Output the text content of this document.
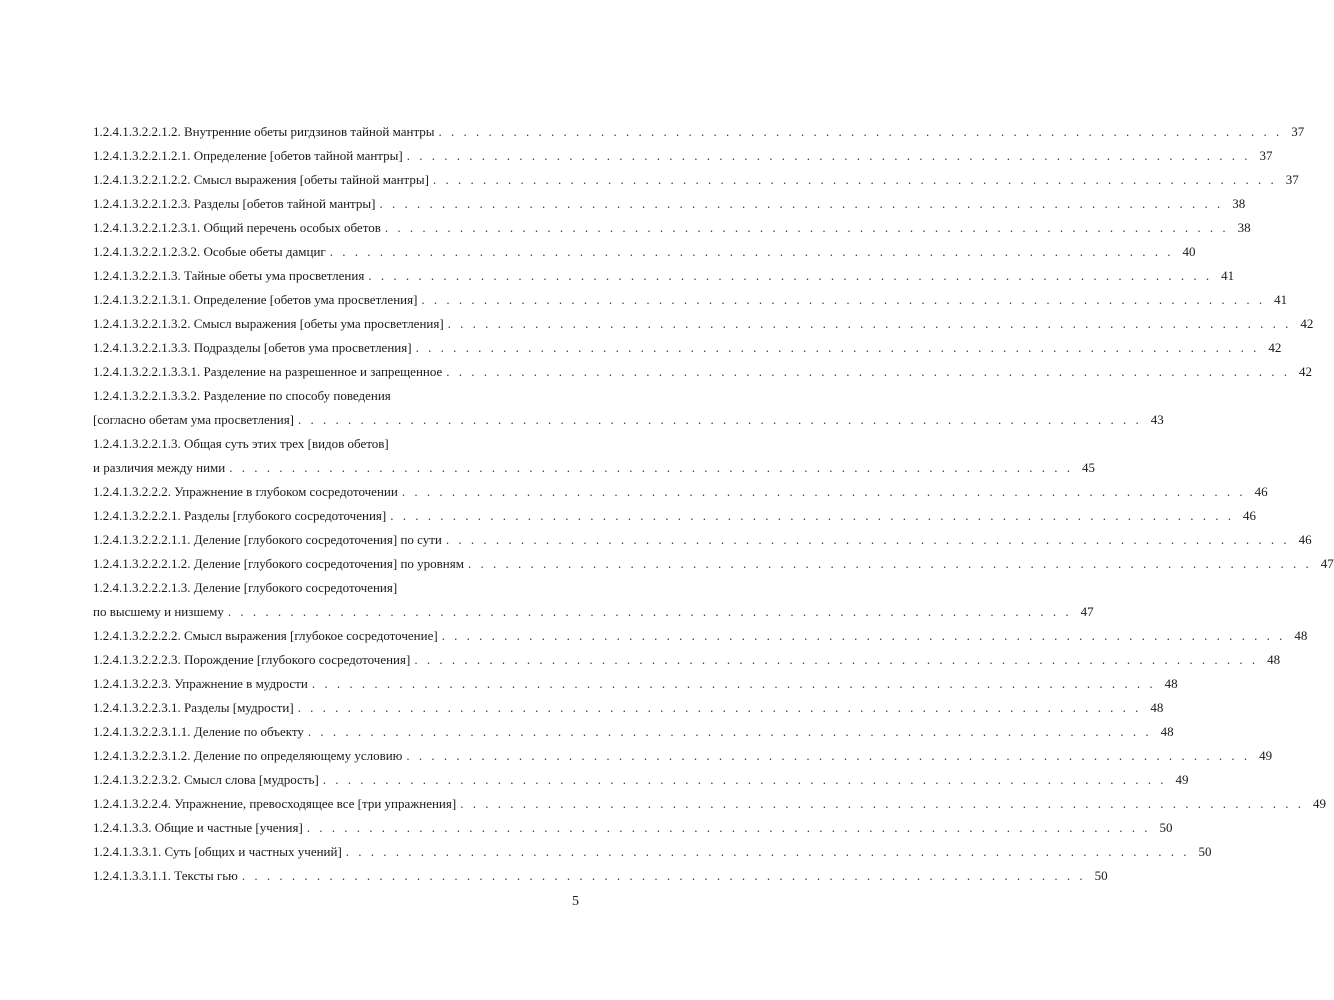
1.2.4.1.3.2.2.1.2. Внутренние обеты ригдзинов тайной мантры . . . . . . . . . . . . . . . . . . . . . . . . . . . . . . . . . . . . . . . . . . . . . . . . . . . . . . . . . . . . . . . . . . . . 37
1.2.4.1.3.2.2.1.2.1. Определение [обетов тайной мантры] . . . . . . . . . . . . . . . . . . . . . . . . . . . . . . . . . . . . . . . . . . . . . . . . . . . . . . . . . . . . . . . . . . . . 37
1.2.4.1.3.2.2.1.2.2. Смысл выражения [обеты тайной мантры] . . . . . . . . . . . . . . . . . . . . . . . . . . . . . . . . . . . . . . . . . . . . . . . . . . . . . . . . . . . . . . . . . . . . 37
1.2.4.1.3.2.2.1.2.3. Разделы [обетов тайной мантры] . . . . . . . . . . . . . . . . . . . . . . . . . . . . . . . . . . . . . . . . . . . . . . . . . . . . . . . . . . . . . . . . . . . . 38
1.2.4.1.3.2.2.1.2.3.1. Общий перечень особых обетов . . . . . . . . . . . . . . . . . . . . . . . . . . . . . . . . . . . . . . . . . . . . . . . . . . . . . . . . . . . . . . . . . . . . 38
1.2.4.1.3.2.2.1.2.3.2. Особые обеты дамциг . . . . . . . . . . . . . . . . . . . . . . . . . . . . . . . . . . . . . . . . . . . . . . . . . . . . . . . . . . . . . . . . . . . . 40
1.2.4.1.3.2.2.1.3. Тайные обеты ума просветления . . . . . . . . . . . . . . . . . . . . . . . . . . . . . . . . . . . . . . . . . . . . . . . . . . . . . . . . . . . . . . . . . . . . 41
1.2.4.1.3.2.2.1.3.1. Определение [обетов ума просветления] . . . . . . . . . . . . . . . . . . . . . . . . . . . . . . . . . . . . . . . . . . . . . . . . . . . . . . . . . . . . . . . . . . . . 41
1.2.4.1.3.2.2.1.3.2. Смысл выражения [обеты ума просветления] . . . . . . . . . . . . . . . . . . . . . . . . . . . . . . . . . . . . . . . . . . . . . . . . . . . . . . . . . . . . . . . . . . . . 42
1.2.4.1.3.2.2.1.3.3. Подразделы [обетов ума просветления] . . . . . . . . . . . . . . . . . . . . . . . . . . . . . . . . . . . . . . . . . . . . . . . . . . . . . . . . . . . . . . . . . . . . 42
1.2.4.1.3.2.2.1.3.3.1. Разделение на разрешенное и запрещенное . . . . . . . . . . . . . . . . . . . . . . . . . . . . . . . . . . . . . . . . . . . . . . . . . . . . . . . . . . . . . . . . . . . . 42
1.2.4.1.3.2.2.1.3.3.2. Разделение по способу поведения
[согласно обетам ума просветления] . . . . . . . . . . . . . . . . . . . . . . . . . . . . . . . . . . . . . . . . . . . . . . . . . . . . . . . . . . . . . . . . . . . . 43
1.2.4.1.3.2.2.1.3. Общая суть этих трех [видов обетов]
и различия между ними . . . . . . . . . . . . . . . . . . . . . . . . . . . . . . . . . . . . . . . . . . . . . . . . . . . . . . . . . . . . . . . . . . . . 45
1.2.4.1.3.2.2.2. Упражнение в глубоком сосредоточении . . . . . . . . . . . . . . . . . . . . . . . . . . . . . . . . . . . . . . . . . . . . . . . . . . . . . . . . . . . . . . . . . . . . 46
1.2.4.1.3.2.2.2.1. Разделы [глубокого сосредоточения] . . . . . . . . . . . . . . . . . . . . . . . . . . . . . . . . . . . . . . . . . . . . . . . . . . . . . . . . . . . . . . . . . . . . 46
1.2.4.1.3.2.2.2.1.1. Деление [глубокого сосредоточения] по сути . . . . . . . . . . . . . . . . . . . . . . . . . . . . . . . . . . . . . . . . . . . . . . . . . . . . . . . . . . . . . . . . . . . . 46
1.2.4.1.3.2.2.2.1.2. Деление [глубокого сосредоточения] по уровням . . . . . . . . . . . . . . . . . . . . . . . . . . . . . . . . . . . . . . . . . . . . . . . . . . . . . . . . . . . . . . . . . . . . 47
1.2.4.1.3.2.2.2.1.3. Деление [глубокого сосредоточения]
по высшему и низшему . . . . . . . . . . . . . . . . . . . . . . . . . . . . . . . . . . . . . . . . . . . . . . . . . . . . . . . . . . . . . . . . . . . . 47
1.2.4.1.3.2.2.2.2. Смысл выражения [глубокое сосредоточение] . . . . . . . . . . . . . . . . . . . . . . . . . . . . . . . . . . . . . . . . . . . . . . . . . . . . . . . . . . . . . . . . . . . . 48
1.2.4.1.3.2.2.2.3. Порождение [глубокого сосредоточения] . . . . . . . . . . . . . . . . . . . . . . . . . . . . . . . . . . . . . . . . . . . . . . . . . . . . . . . . . . . . . . . . . . . . 48
1.2.4.1.3.2.2.3. Упражнение в мудрости . . . . . . . . . . . . . . . . . . . . . . . . . . . . . . . . . . . . . . . . . . . . . . . . . . . . . . . . . . . . . . . . . . . . 48
1.2.4.1.3.2.2.3.1. Разделы [мудрости] . . . . . . . . . . . . . . . . . . . . . . . . . . . . . . . . . . . . . . . . . . . . . . . . . . . . . . . . . . . . . . . . . . . . 48
1.2.4.1.3.2.2.3.1.1. Деление по объекту . . . . . . . . . . . . . . . . . . . . . . . . . . . . . . . . . . . . . . . . . . . . . . . . . . . . . . . . . . . . . . . . . . . . 48
1.2.4.1.3.2.2.3.1.2. Деление по определяющему условию . . . . . . . . . . . . . . . . . . . . . . . . . . . . . . . . . . . . . . . . . . . . . . . . . . . . . . . . . . . . . . . . . . . . 49
1.2.4.1.3.2.2.3.2. Смысл слова [мудрость] . . . . . . . . . . . . . . . . . . . . . . . . . . . . . . . . . . . . . . . . . . . . . . . . . . . . . . . . . . . . . . . . . . . . 49
1.2.4.1.3.2.2.4. Упражнение, превосходящее все [три упражнения] . . . . . . . . . . . . . . . . . . . . . . . . . . . . . . . . . . . . . . . . . . . . . . . . . . . . . . . . . . . . . . . . . . . . 49
1.2.4.1.3.3. Общие и частные [учения] . . . . . . . . . . . . . . . . . . . . . . . . . . . . . . . . . . . . . . . . . . . . . . . . . . . . . . . . . . . . . . . . . . . . 50
1.2.4.1.3.3.1. Суть [общих и частных учений] . . . . . . . . . . . . . . . . . . . . . . . . . . . . . . . . . . . . . . . . . . . . . . . . . . . . . . . . . . . . . . . . . . . . 50
1.2.4.1.3.3.1.1. Тексты гью . . . . . . . . . . . . . . . . . . . . . . . . . . . . . . . . . . . . . . . . . . . . . . . . . . . . . . . . . . . . . . . . . . . . 50
5
